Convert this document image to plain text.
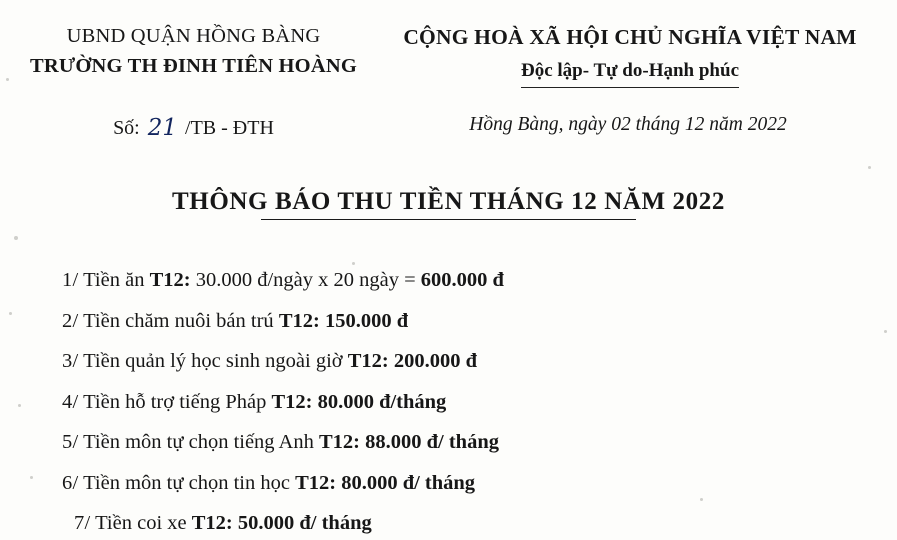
UBND QUẬN HỒNG BÀNG
TRƯỜNG TH ĐINH TIÊN HOÀNG
CỘNG HOÀ XÃ HỘI CHỦ NGHĨA VIỆT NAM
Độc lập- Tự do-Hạnh phúc
Số: 21 /TB - ĐTH	Hồng Bàng, ngày 02 tháng 12 năm 2022
THÔNG BÁO THU TIỀN THÁNG 12 NĂM 2022
1/ Tiền ăn T12: 30.000 đ/ngày x 20 ngày = 600.000 đ
2/ Tiền chăm nuôi bán trú T12: 150.000 đ
3/ Tiền quản lý học sinh ngoài giờ T12: 200.000 đ
4/ Tiền hỗ trợ tiếng Pháp T12: 80.000 đ/tháng
5/ Tiền môn tự chọn tiếng Anh T12: 88.000 đ/ tháng
6/ Tiền môn tự chọn tin học T12: 80.000 đ/ tháng
7/ Tiền coi xe T12: 50.000 đ/ tháng
